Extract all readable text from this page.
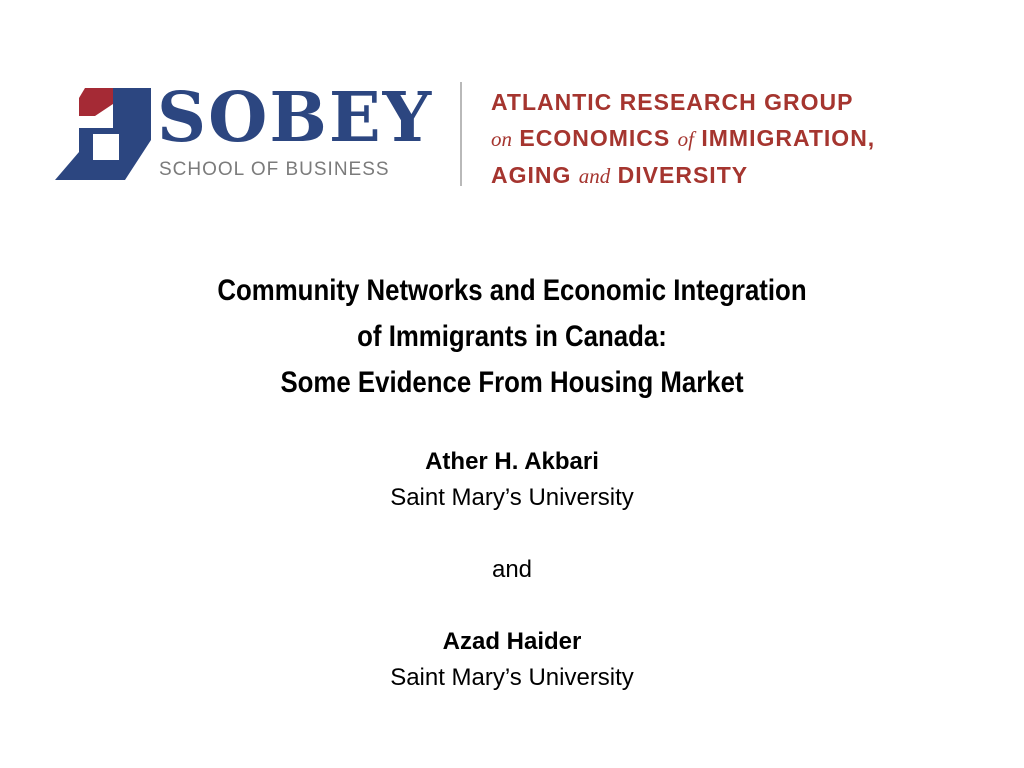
SOBEY
SCHOOL OF BUSINESS
ATLANTIC RESEARCH GROUP
on ECONOMICS of IMMIGRATION,
AGING and DIVERSITY
Community Networks and Economic Integration
of Immigrants in Canada:
Some Evidence From Housing Market
Ather H. Akbari
Saint Mary’s University
and
Azad Haider
Saint Mary’s University
